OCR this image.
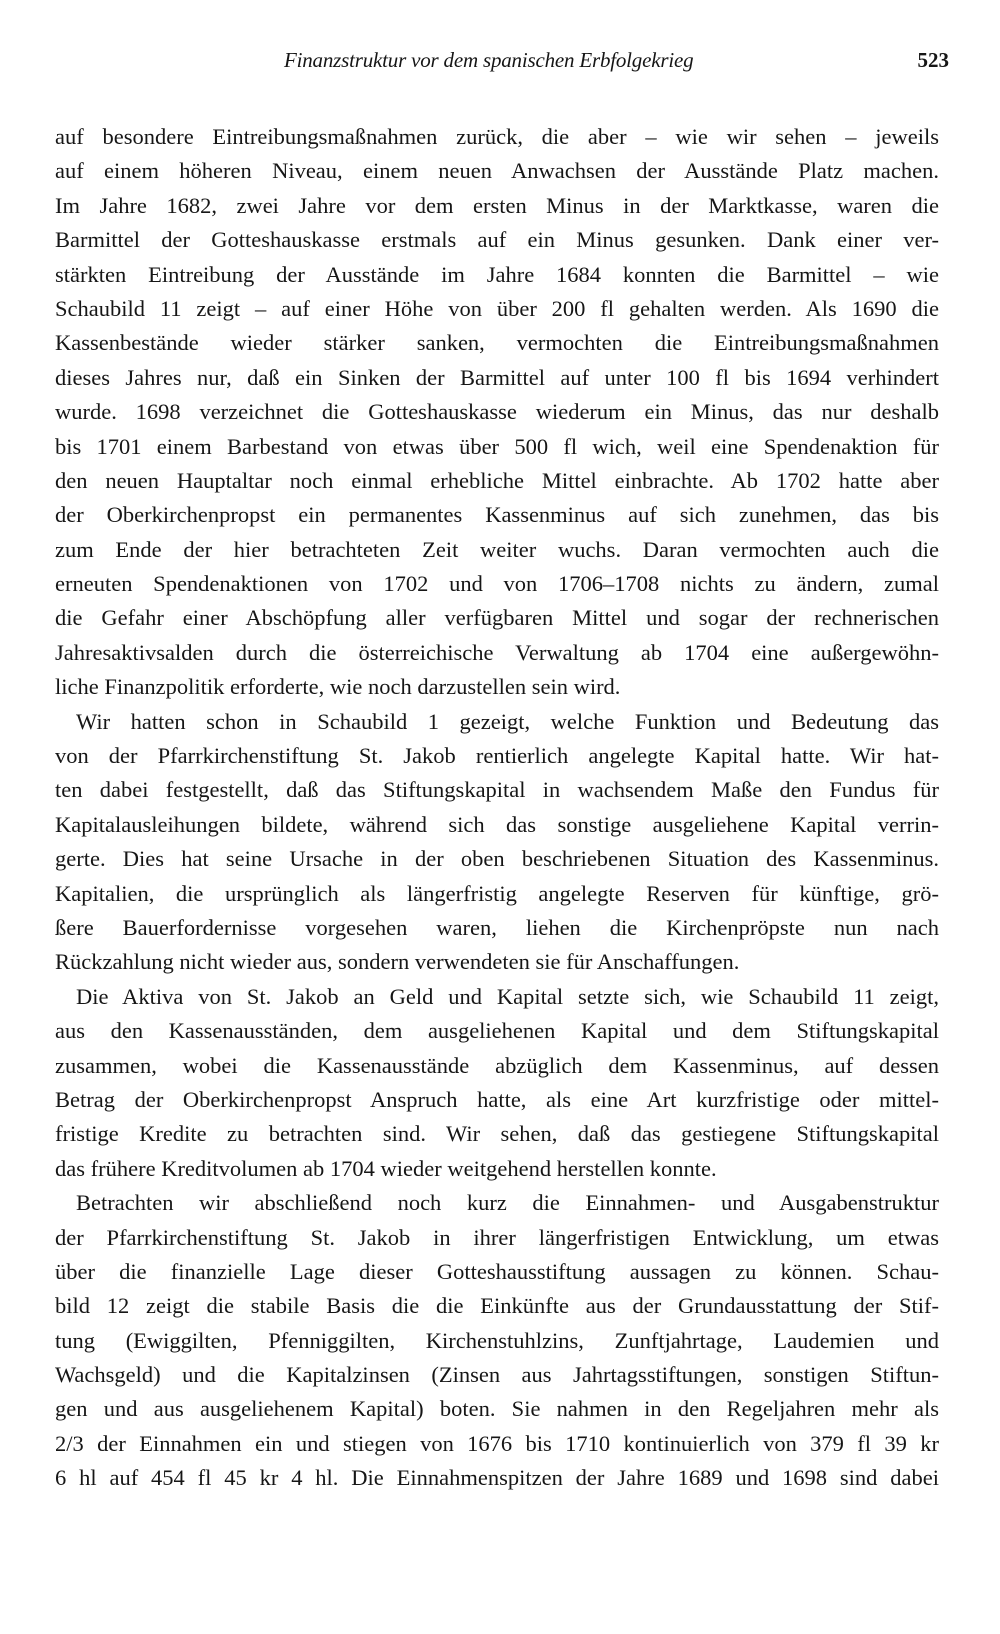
Finanzstruktur vor dem spanischen Erbfolgekrieg	523
auf besondere Eintreibungsmaßnahmen zurück, die aber – wie wir sehen – jeweils
auf einem höheren Niveau, einem neuen Anwachsen der Ausstände Platz machen.
Im Jahre 1682, zwei Jahre vor dem ersten Minus in der Marktkasse, waren die
Barmittel der Gotteshauskasse erstmals auf ein Minus gesunken. Dank einer ver-
stärkten Eintreibung der Ausstände im Jahre 1684 konnten die Barmittel – wie
Schaubild 11 zeigt – auf einer Höhe von über 200 fl gehalten werden. Als 1690 die
Kassenbestände wieder stärker sanken, vermochten die Eintreibungsmaßnahmen
dieses Jahres nur, daß ein Sinken der Barmittel auf unter 100 fl bis 1694 verhindert
wurde. 1698 verzeichnet die Gotteshauskasse wiederum ein Minus, das nur deshalb
bis 1701 einem Barbestand von etwas über 500 fl wich, weil eine Spendenaktion für
den neuen Hauptaltar noch einmal erhebliche Mittel einbrachte. Ab 1702 hatte aber
der Oberkirchenpropst ein permanentes Kassenminus auf sich zunehmen, das bis
zum Ende der hier betrachteten Zeit weiter wuchs. Daran vermochten auch die
erneuten Spendenaktionen von 1702 und von 1706–1708 nichts zu ändern, zumal
die Gefahr einer Abschöpfung aller verfügbaren Mittel und sogar der rechnerischen
Jahresaktivsalden durch die österreichische Verwaltung ab 1704 eine außergewöhn-
liche Finanzpolitik erforderte, wie noch darzustellen sein wird.
Wir hatten schon in Schaubild 1 gezeigt, welche Funktion und Bedeutung das
von der Pfarrkirchenstiftung St. Jakob rentierlich angelegte Kapital hatte. Wir hat-
ten dabei festgestellt, daß das Stiftungskapital in wachsendem Maße den Fundus für
Kapitalausleihungen bildete, während sich das sonstige ausgeliehene Kapital verrin-
gerte. Dies hat seine Ursache in der oben beschriebenen Situation des Kassenminus.
Kapitalien, die ursprünglich als längerfristig angelegte Reserven für künftige, grö-
ßere Bauerfordernisse vorgesehen waren, liehen die Kirchenpröpste nun nach
Rückzahlung nicht wieder aus, sondern verwendeten sie für Anschaffungen.
Die Aktiva von St. Jakob an Geld und Kapital setzte sich, wie Schaubild 11 zeigt,
aus den Kassenausständen, dem ausgeliehenen Kapital und dem Stiftungskapital
zusammen, wobei die Kassenausstände abzüglich dem Kassenminus, auf dessen
Betrag der Oberkirchenpropst Anspruch hatte, als eine Art kurzfristige oder mittel-
fristige Kredite zu betrachten sind. Wir sehen, daß das gestiegene Stiftungskapital
das frühere Kreditvolumen ab 1704 wieder weitgehend herstellen konnte.
Betrachten wir abschließend noch kurz die Einnahmen- und Ausgabenstruktur
der Pfarrkirchenstiftung St. Jakob in ihrer längerfristigen Entwicklung, um etwas
über die finanzielle Lage dieser Gotteshausstiftung aussagen zu können. Schau-
bild 12 zeigt die stabile Basis die die Einkünfte aus der Grundausstattung der Stif-
tung (Ewiggilten, Pfenniggilten, Kirchenstuhlzins, Zunftjahrtage, Laudemien und
Wachsgeld) und die Kapitalzinsen (Zinsen aus Jahrtagsstiftungen, sonstigen Stiftun-
gen und aus ausgeliehenem Kapital) boten. Sie nahmen in den Regeljahren mehr als
2/3 der Einnahmen ein und stiegen von 1676 bis 1710 kontinuierlich von 379 fl 39 kr
6 hl auf 454 fl 45 kr 4 hl. Die Einnahmenspitzen der Jahre 1689 und 1698 sind dabei
